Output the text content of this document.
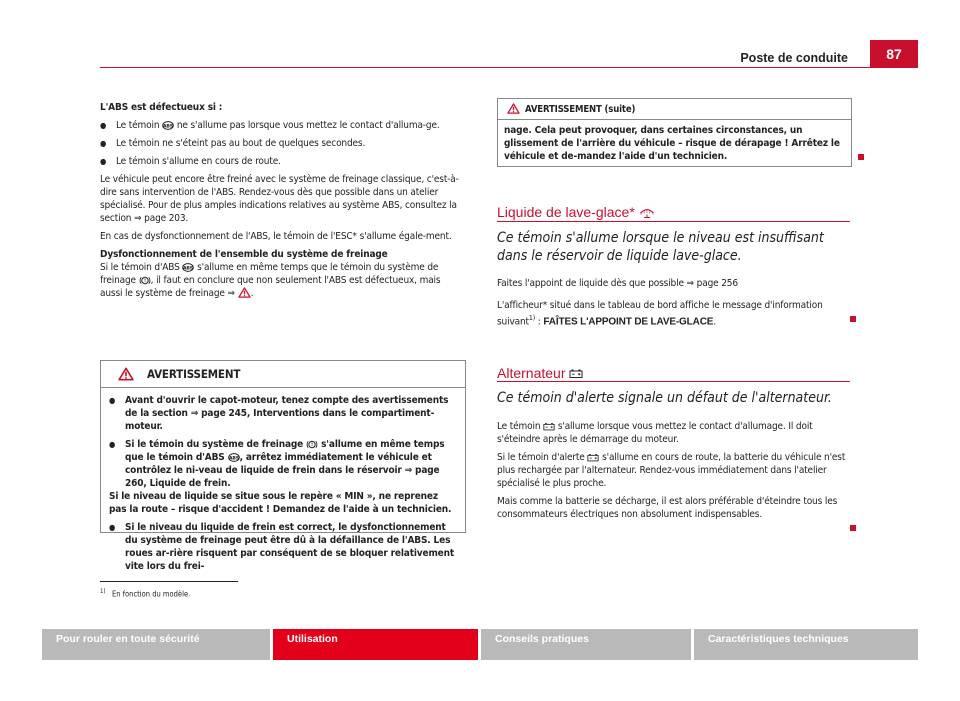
Poste de conduite	87

L'ABS est défectueux si :

● Le témoin  ne s'allume pas lorsque vous mettez le contact d'alluma-ge.
● Le témoin ne s'éteint pas au bout de quelques secondes.
● Le témoin s'allume en cours de route.

Le véhicule peut encore être freiné avec le système de freinage classique, c'est-à-dire sans intervention de l'ABS. Rendez-vous dès que possible dans un atelier spécialisé. Pour de plus amples indications relatives au système ABS, consultez la section ⇒ page 203.

En cas de dysfonctionnement de l'ABS, le témoin de l'ESC* s'allume égale-ment.

Dysfonctionnement de l'ensemble du système de freinage

Si le témoin d'ABS  s'allume en même temps que le témoin du système de freinage , il faut en conclure que non seulement l'ABS est défectueux, mais aussi le système de freinage ⇒ .

AVERTISSEMENT
● Avant d'ouvrir le capot-moteur, tenez compte des avertissements de la section ⇒ page 245, Interventions dans le compartiment-moteur.
● Si le témoin du système de freinage  s'allume en même temps que le témoin d'ABS , arrêtez immédiatement le véhicule et contrôlez le ni-veau de liquide de frein dans le réservoir ⇒ page 260, Liquide de frein.

Si le niveau de liquide se situe sous le repère « MIN », ne reprenez pas la route – risque d'accident ! Demandez de l'aide à un technicien.

● Si le niveau du liquide de frein est correct, le dysfonctionnement du système de freinage peut être dû à la défaillance de l'ABS. Les roues ar-rière risquent par conséquent de se bloquer relativement vite lors du frei-
AVERTISSEMENT (suite)

nage. Cela peut provoquer, dans certaines circonstances, un glissement de l'arrière du véhicule – risque de dérapage ! Arrêtez le véhicule et de-mandez l'aide d'un technicien.

Liquide de lave-glace*
Ce témoin s'allume lorsque le niveau est insuffisant dans le réservoir de liquide lave-glace.

Faites l'appoint de liquide dès que possible ⇒ page 256

L'afficheur* situé dans le tableau de bord affiche le message d'information suivant$^{1)}$ : FAÎTES L'APPOINT DE LAVE-GLACE.

Alternateur
Ce témoin d'alerte signale un défaut de l'alternateur.

Le témoin  s'allume lorsque vous mettez le contact d'allumage. Il doit s'éteindre après le démarrage du moteur.

Si le témoin d'alerte  s'allume en cours de route, la batterie du véhicule n'est plus rechargée par l'alternateur. Rendez-vous immédiatement dans l'atelier spécialisé le plus proche.

Mais comme la batterie se décharge, il est alors préférable d'éteindre tous les consommateurs électriques non absolument indispensables.

$^{1)}$ En fonction du modèle.
Pour rouler en toute sécurité	Utilisation	Conseils pratiques	Caractéristiques techniques
